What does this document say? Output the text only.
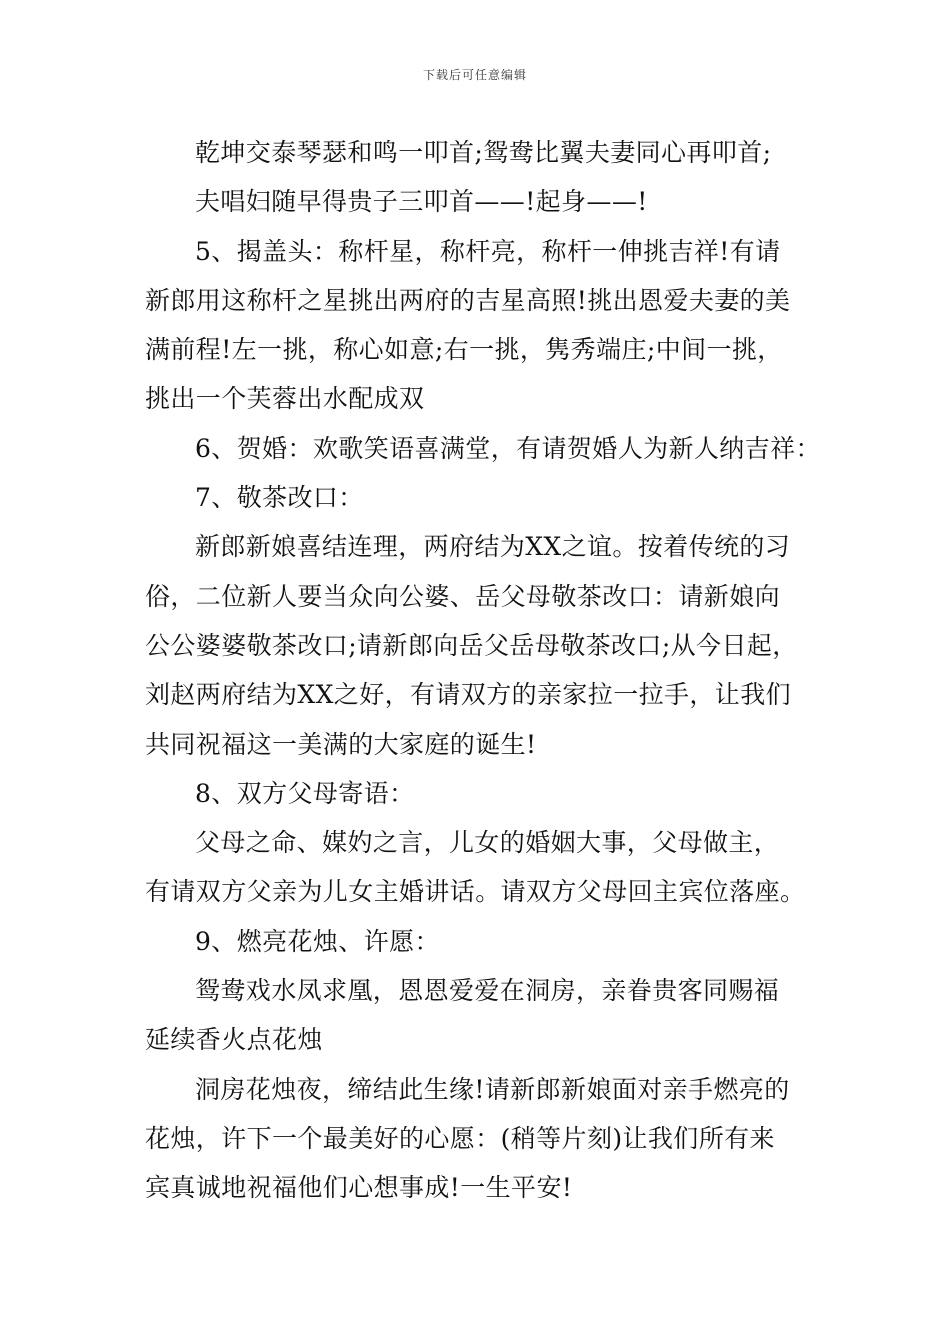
下载后可任意编辑
乾坤交泰琴瑟和鸣一叩首;鸳鸯比翼夫妻同心再叩首;
夫唱妇随早得贵子三叩首——!起身——!
5、揭盖头：称杆星，称杆亮，称杆一伸挑吉祥!有请
新郎用这称杆之星挑出两府的吉星高照!挑出恩爱夫妻的美
满前程!左一挑，称心如意;右一挑，隽秀端庄;中间一挑，
挑出一个芙蓉出水配成双
6、贺婚：欢歌笑语喜满堂，有请贺婚人为新人纳吉祥：
7、敬茶改口：
新郎新娘喜结连理，两府结为XX之谊。按着传统的习
俗，二位新人要当众向公婆、岳父母敬茶改口：请新娘向
公公婆婆敬茶改口;请新郎向岳父岳母敬茶改口;从今日起，
刘赵两府结为XX之好，有请双方的亲家拉一拉手，让我们
共同祝福这一美满的大家庭的诞生!
8、双方父母寄语：
父母之命、媒妁之言，儿女的婚姻大事，父母做主，
有请双方父亲为儿女主婚讲话。请双方父母回主宾位落座。
9、燃亮花烛、许愿：
鸳鸯戏水凤求凰，恩恩爱爱在洞房，亲眷贵客同赐福
延续香火点花烛
洞房花烛夜，缔结此生缘!请新郎新娘面对亲手燃亮的
花烛，许下一个最美好的心愿：(稍等片刻)让我们所有来
宾真诚地祝福他们心想事成!一生平安!
